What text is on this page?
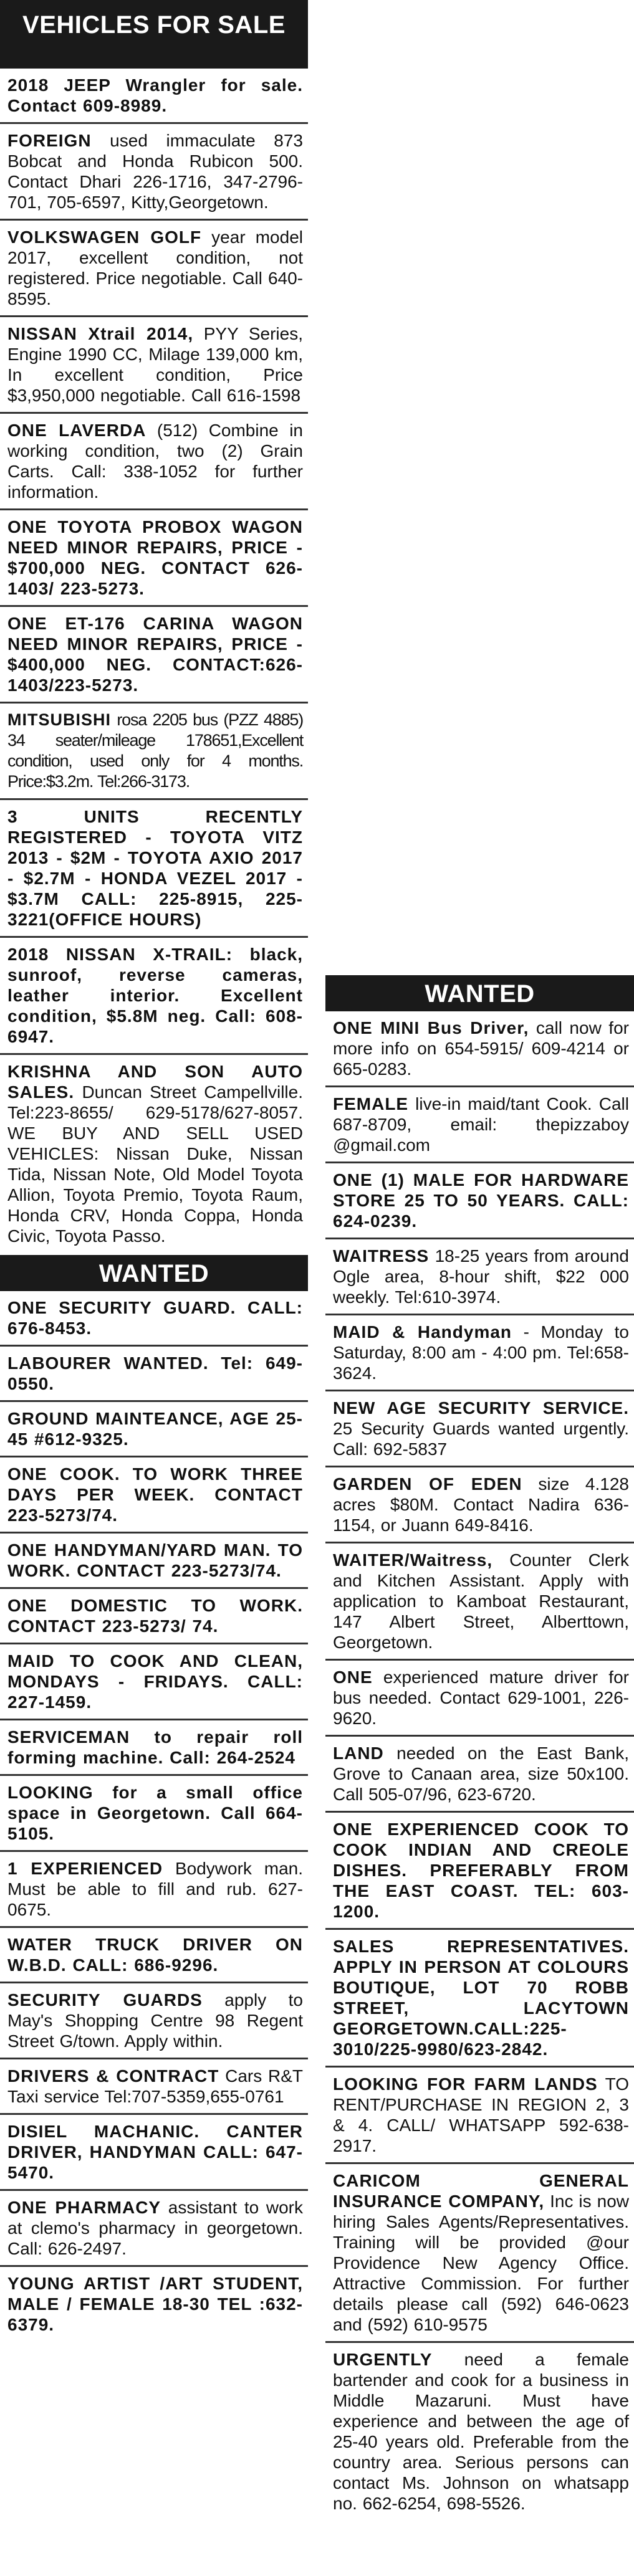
VEHICLES FOR SALE
2018 JEEP Wrangler for sale. Contact 609-8989.
FOREIGN used immaculate 873 Bobcat and Honda Rubicon 500. Contact Dhari 226-1716, 347-2796-701, 705-6597, Kitty,Georgetown.
VOLKSWAGEN GOLF year model 2017, excellent condition, not registered. Price negotiable. Call 640-8595.
NISSAN Xtrail 2014, PYY Series, Engine 1990 CC, Milage 139,000 km, In excellent condition, Price $3,950,000 negotiable. Call 616-1598
ONE LAVERDA (512) Combine in working condition, two (2) Grain Carts. Call: 338-1052 for further information.
ONE TOYOTA PROBOX WAGON NEED MINOR REPAIRS, PRICE - $700,000 NEG. CONTACT 626-1403/ 223-5273.
ONE ET-176 CARINA WAGON NEED MINOR REPAIRS, PRICE - $400,000 NEG. CONTACT:626-1403/223-5273.
MITSUBISHI rosa 2205 bus (PZZ 4885) 34 seater/mileage 178651,Excellent condition, used only for 4 months. Price:$3.2m. Tel:266-3173.
3 UNITS RECENTLY REGISTERED - TOYOTA VITZ 2013 - $2M - TOYOTA AXIO 2017 - $2.7M - HONDA VEZEL 2017 - $3.7M CALL: 225-8915, 225-3221(OFFICE HOURS)
2018 NISSAN X-TRAIL: black, sunroof, reverse cameras, leather interior. Excellent condition, $5.8M neg. Call: 608-6947.
KRISHNA AND SON AUTO SALES. Duncan Street Campellville. Tel:223-8655/ 629-5178/627-8057. WE BUY AND SELL USED VEHICLES: Nissan Duke, Nissan Tida, Nissan Note, Old Model Toyota Allion, Toyota Premio, Toyota Raum, Honda CRV, Honda Coppa, Honda Civic, Toyota Passo.
WANTED
ONE SECURITY GUARD. CALL: 676-8453.
LABOURER WANTED. Tel: 649-0550.
GROUND MAINTEANCE, AGE 25-45 #612-9325.
ONE COOK. TO WORK THREE DAYS PER WEEK. CONTACT 223-5273/74.
ONE HANDYMAN/YARD MAN. TO WORK. CONTACT 223-5273/74.
ONE DOMESTIC TO WORK. CONTACT 223-5273/ 74.
MAID TO COOK AND CLEAN, MONDAYS - FRIDAYS. CALL: 227-1459.
SERVICEMAN to repair roll forming machine. Call: 264-2524
LOOKING for a small office space in Georgetown. Call 664-5105.
1 EXPERIENCED Bodywork man. Must be able to fill and rub. 627-0675.
WATER TRUCK DRIVER ON W.B.D. CALL: 686-9296.
SECURITY GUARDS apply to May's Shopping Centre 98 Regent Street G/town. Apply within.
DRIVERS & CONTRACT Cars R&T Taxi service Tel:707-5359,655-0761
DISIEL MACHANIC. CANTER DRIVER, HANDYMAN CALL: 647-5470.
ONE PHARMACY assistant to work at clemo's pharmacy in georgetown. Call: 626-2497.
YOUNG ARTIST /ART STUDENT, MALE / FEMALE 18-30 TEL :632-6379.
WANTED
ONE MINI Bus Driver, call now for more info on 654-5915/ 609-4214 or 665-0283.
FEMALE live-in maid/tant Cook. Call 687-8709, email: thepizzaboy @gmail.com
ONE (1) MALE FOR HARDWARE STORE 25 TO 50 YEARS. CALL: 624-0239.
WAITRESS 18-25 years from around Ogle area, 8-hour shift, $22 000 weekly. Tel:610-3974.
MAID & Handyman - Monday to Saturday, 8:00 am - 4:00 pm. Tel:658-3624.
NEW AGE SECURITY SERVICE. 25 Security Guards wanted urgently. Call: 692-5837
GARDEN OF EDEN size 4.128 acres $80M. Contact Nadira 636-1154, or Juann 649-8416.
WAITER/Waitress, Counter Clerk and Kitchen Assistant. Apply with application to Kamboat Restaurant, 147 Albert Street, Alberttown, Georgetown.
ONE experienced mature driver for bus needed. Contact 629-1001, 226-9620.
LAND needed on the East Bank, Grove to Canaan area, size 50x100. Call 505-07/96, 623-6720.
ONE EXPERIENCED COOK TO COOK INDIAN AND CREOLE DISHES. PREFERABLY FROM THE EAST COAST. TEL: 603-1200.
SALES REPRESENTATIVES. APPLY IN PERSON AT COLOURS BOUTIQUE, LOT 70 ROBB STREET, LACYTOWN GEORGETOWN.CALL:225-3010/225-9980/623-2842.
LOOKING FOR FARM LANDS TO RENT/PURCHASE IN REGION 2, 3 & 4. CALL/ WHATSAPP 592-638-2917.
CARICOM GENERAL INSURANCE COMPANY, Inc is now hiring Sales Agents/Representatives. Training will be provided @our Providence New Agency Office. Attractive Commission. For further details please call (592) 646-0623 and (592) 610-9575
URGENTLY need a female bartender and cook for a business in Middle Mazaruni. Must have experience and between the age of 25-40 years old. Preferable from the country area. Serious persons can contact Ms. Johnson on whatsapp no. 662-6254, 698-5526.
